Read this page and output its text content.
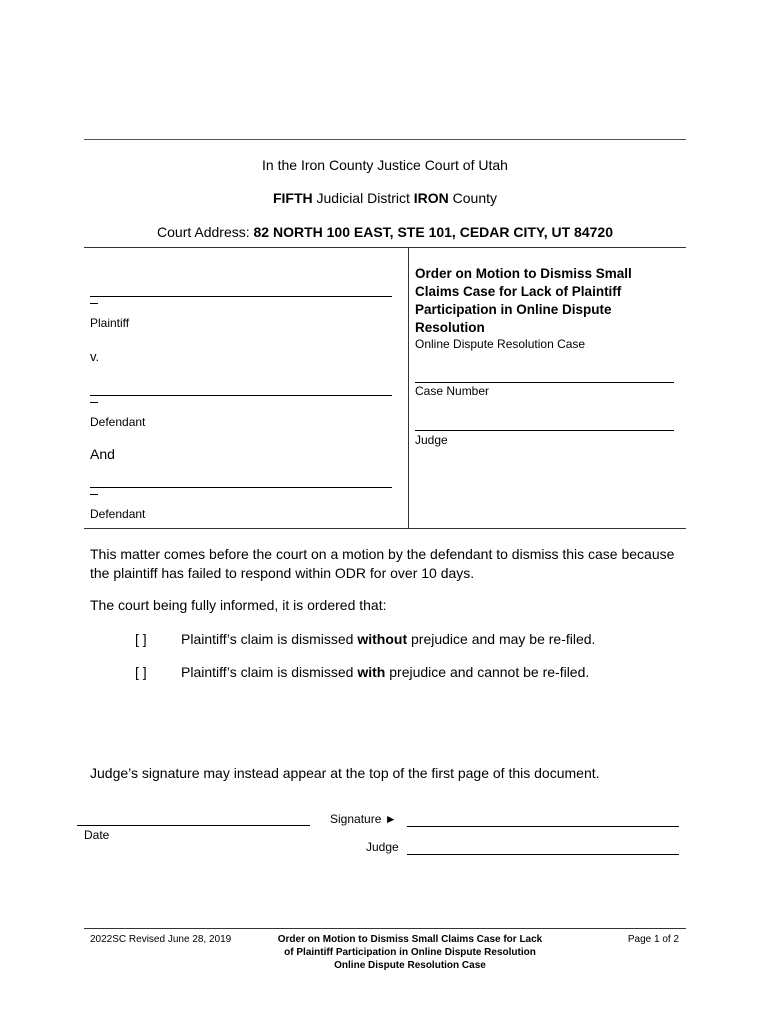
In the Iron County Justice Court of Utah
FIFTH Judicial District IRON County
Court Address: 82 NORTH 100 EAST, STE 101, CEDAR CITY, UT 84720
Plaintiff
v.
Defendant
And
Defendant
Order on Motion to Dismiss Small Claims Case for Lack of Plaintiff Participation in Online Dispute Resolution
Online Dispute Resolution Case
Case Number
Judge
This matter comes before the court on a motion by the defendant to dismiss this case because the plaintiff has failed to respond within ODR for over 10 days.
The court being fully informed, it is ordered that:
[ ] Plaintiff’s claim is dismissed without prejudice and may be re-filed.
[ ] Plaintiff’s claim is dismissed with prejudice and cannot be re-filed.
Judge’s signature may instead appear at the top of the first page of this document.
Date
Signature ►
Judge
2022SC Revised June 28, 2019	Order on Motion to Dismiss Small Claims Case for Lack
of Plaintiff Participation in Online Dispute Resolution
Online Dispute Resolution Case
Page 1 of 2
